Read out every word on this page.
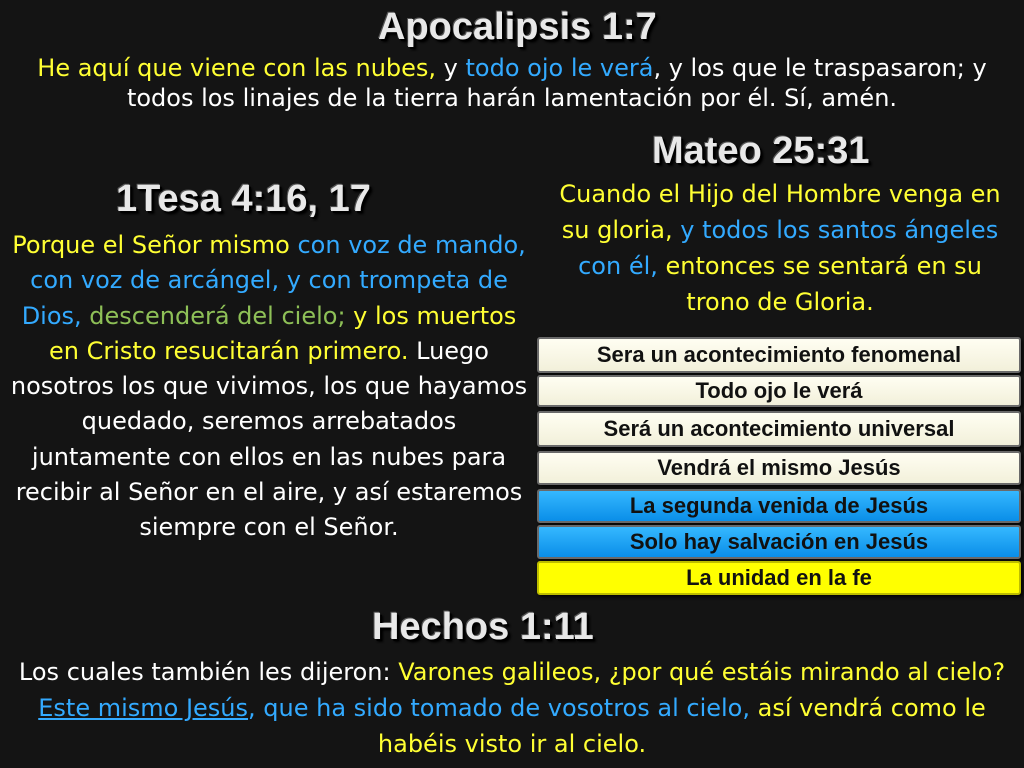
Apocalipsis 1:7
He aquí que viene con las nubes, y todo ojo le verá, y los que le traspasaron; y todos los linajes de la tierra harán lamentación por él. Sí, amén.
Mateo 25:31
Cuando el Hijo del Hombre venga en su gloria, y todos los santos ángeles con él, entonces se sentará en su trono de Gloria.
1Tesa 4:16, 17
Porque el Señor mismo con voz de mando, con voz de arcángel, y con trompeta de Dios, descenderá del cielo; y los muertos en Cristo resucitarán primero. Luego nosotros los que vivimos, los que hayamos quedado, seremos arrebatados juntamente con ellos en las nubes para recibir al Señor en el aire, y así estaremos siempre con el Señor.
Sera un acontecimiento fenomenal
Todo ojo le verá
Será un acontecimiento universal
Vendrá el mismo Jesús
La segunda venida de Jesús
Solo hay salvación en Jesús
La unidad en la fe
Hechos 1:11
Los cuales también les dijeron: Varones galileos, ¿por qué estáis mirando al cielo? Este mismo Jesús, que ha sido tomado de vosotros al cielo, así vendrá como le habéis visto ir al cielo.
